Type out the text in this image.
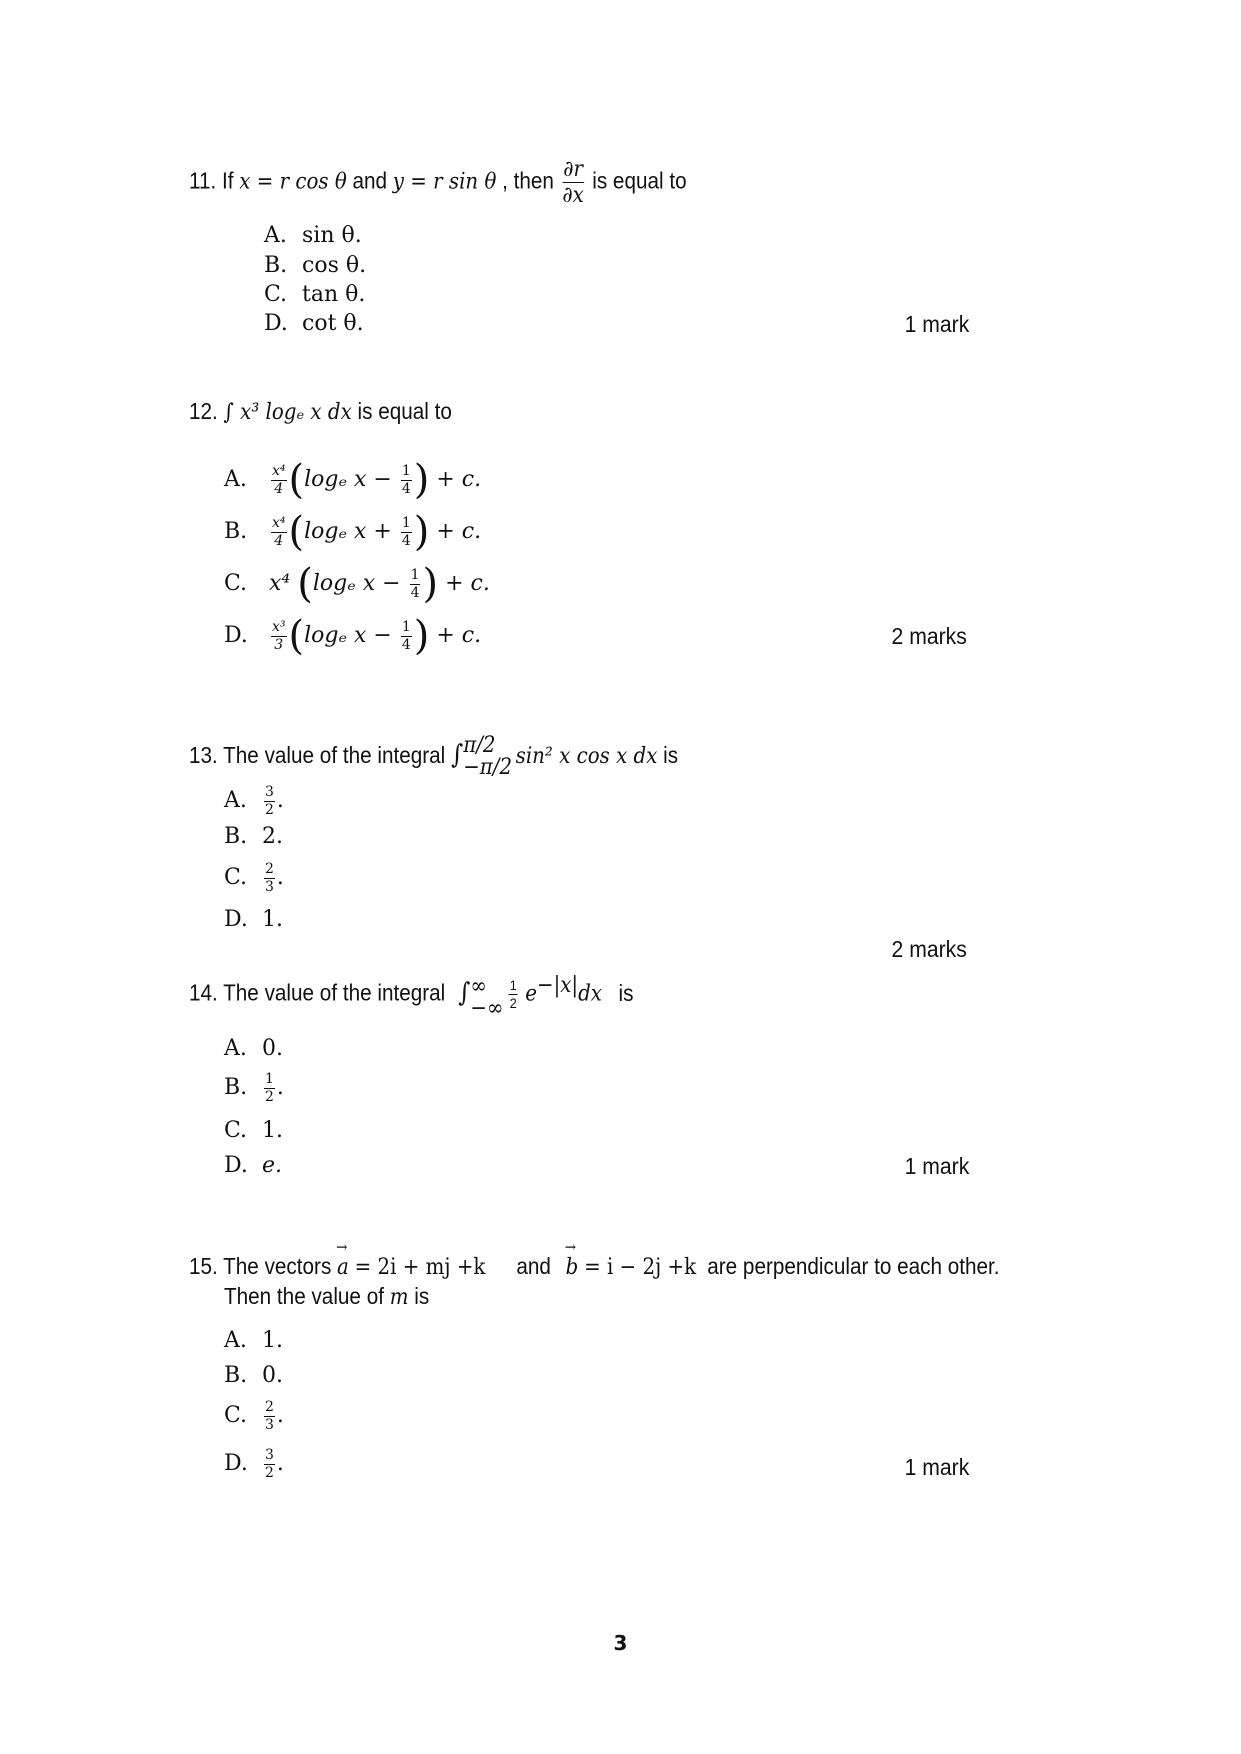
11. If x = r cos θ and y = r sin θ , then $\frac{\partial r}{\partial x}$ is equal to
A. sin θ.
B. cos θ.
C. tan θ.
D. cot θ.	1 mark
12. ∫ x³ logₑ x dx is equal to
A. $\frac{\text{x⁴}}{4} (\log_e$ $x - \frac{1}{4}$ ) + c.
B. $\frac{\text{x⁴}}{4} (\log_e$ $x + \frac{1}{4}$ ) + c.
C. x⁴ (logₑ $x - \frac{1}{4}$ ) + c.
D. $\frac{\text{x³}}{3} (\log_e$ $x - \frac{1}{4}$ ) + c.	2 marks
13. The value of the integral ∫ π/2
−π/2 sin² x cos x dx is
A. $\frac{3}{2}$ .
B. 2.
C. $\frac{2}{3}$ .
D. 1.
2 marks
14. The value of the integral ∫ ∞
−∞ $\frac{1}{2} e^{-|x|}dx$ is
A. 0.
B. $\frac{1}{2}$ .
C. 1.
D. e.	1 mark
15. The vectors a → = 2i + mj +k and b → = i − 2j +k are perpendicular to each other.
Then the value of m is
A. 1.
B. 0.
C. $\frac{2}{3}$ .
D. $\frac{3}{2}$ .	1 mark
3
